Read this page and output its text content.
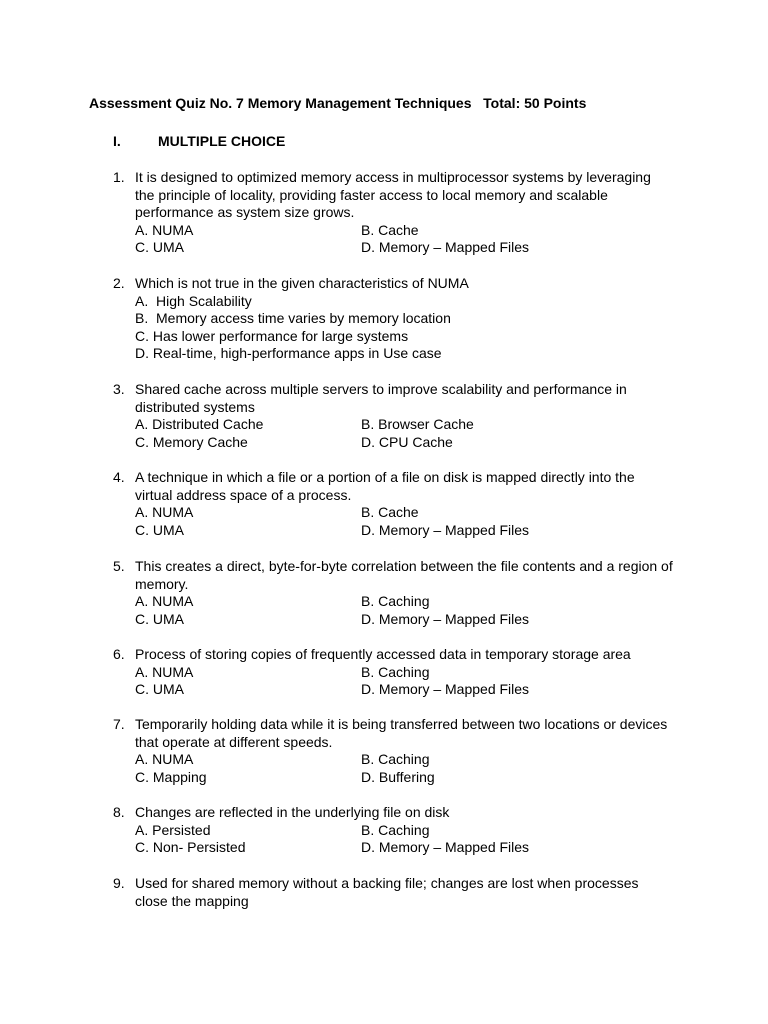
Assessment Quiz No. 7 Memory Management Techniques   Total: 50 Points
I.	MULTIPLE CHOICE
1. It is designed to optimized memory access in multiprocessor systems by leveraging the principle of locality, providing faster access to local memory and scalable performance as system size grows.
A. NUMA	B. Cache
C. UMA	D. Memory – Mapped Files
2. Which is not true in the given characteristics of NUMA
A.  High Scalability
B.  Memory access time varies by memory location
C. Has lower performance for large systems
D. Real-time, high-performance apps in Use case
3. Shared cache across multiple servers to improve scalability and performance in distributed systems
A. Distributed Cache	B. Browser Cache
C. Memory Cache	D. CPU Cache
4. A technique in which a file or a portion of a file on disk is mapped directly into the virtual address space of a process.
A. NUMA	B. Cache
C. UMA	D. Memory – Mapped Files
5. This creates a direct, byte-for-byte correlation between the file contents and a region of memory.
A. NUMA	B. Caching
C. UMA	D. Memory – Mapped Files
6. Process of storing copies of frequently accessed data in temporary storage area
A. NUMA	B. Caching
C. UMA	D. Memory – Mapped Files
7. Temporarily holding data while it is being transferred between two locations or devices that operate at different speeds.
A. NUMA	B. Caching
C. Mapping	D. Buffering
8. Changes are reflected in the underlying file on disk
A. Persisted	B. Caching
C. Non- Persisted	D. Memory – Mapped Files
9. Used for shared memory without a backing file; changes are lost when processes close the mapping
